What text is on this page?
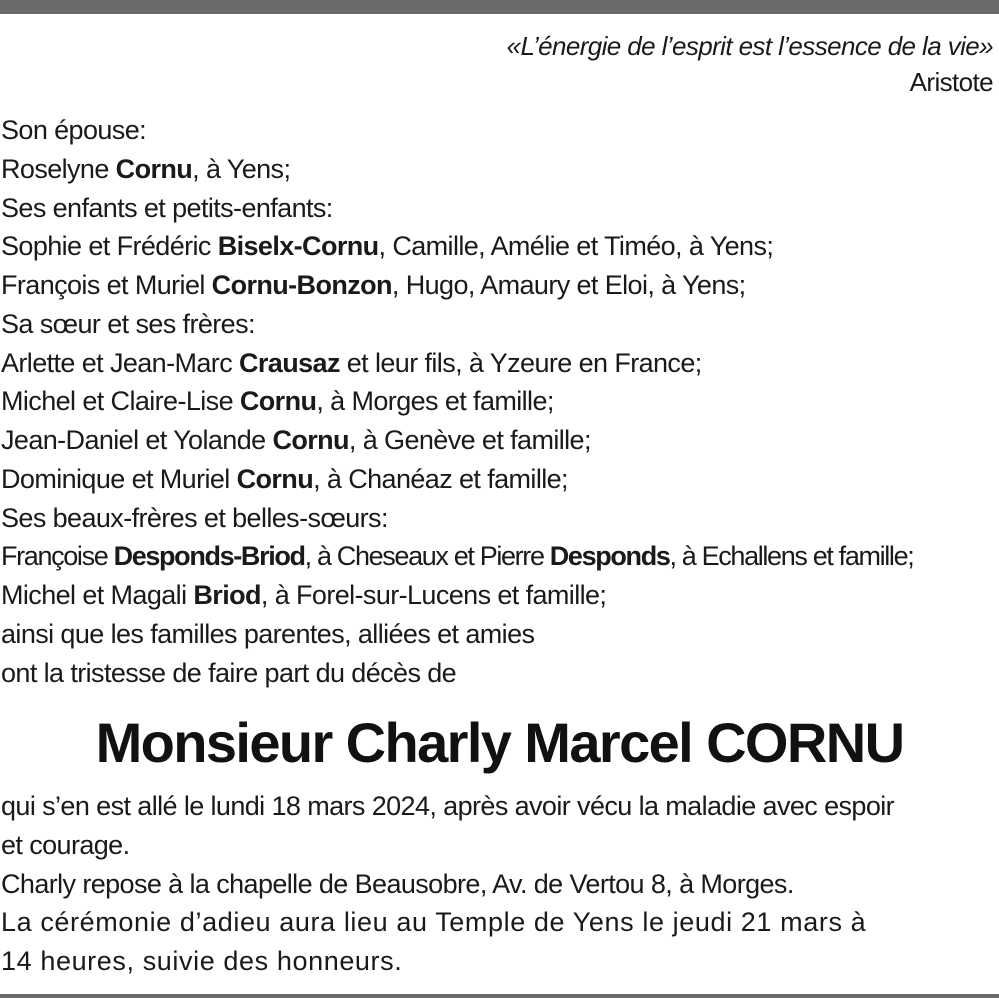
«L’énergie de l’esprit est l’essence de la vie»
Aristote
Son épouse:
Roselyne Cornu, à Yens;
Ses enfants et petits-enfants:
Sophie et Frédéric Biselx-Cornu, Camille, Amélie et Timéo, à Yens;
François et Muriel Cornu-Bonzon, Hugo, Amaury et Eloi, à Yens;
Sa sœur et ses frères:
Arlette et Jean-Marc Crausaz et leur fils, à Yzeure en France;
Michel et Claire-Lise Cornu, à Morges et famille;
Jean-Daniel et Yolande Cornu, à Genève et famille;
Dominique et Muriel Cornu, à Chanéaz et famille;
Ses beaux-frères et belles-sœurs:
Françoise Desponds-Briod, à Cheseaux et Pierre Desponds, à Echallens et famille;
Michel et Magali Briod, à Forel-sur-Lucens et famille;
ainsi que les familles parentes, alliées et amies
ont la tristesse de faire part du décès de
Monsieur Charly Marcel CORNU
qui s’en est allé le lundi 18 mars 2024, après avoir vécu la maladie avec espoir
et courage.
Charly repose à la chapelle de Beausobre, Av. de Vertou 8, à Morges.
La cérémonie d’adieu aura lieu au Temple de Yens le jeudi 21 mars à
14 heures, suivie des honneurs.
